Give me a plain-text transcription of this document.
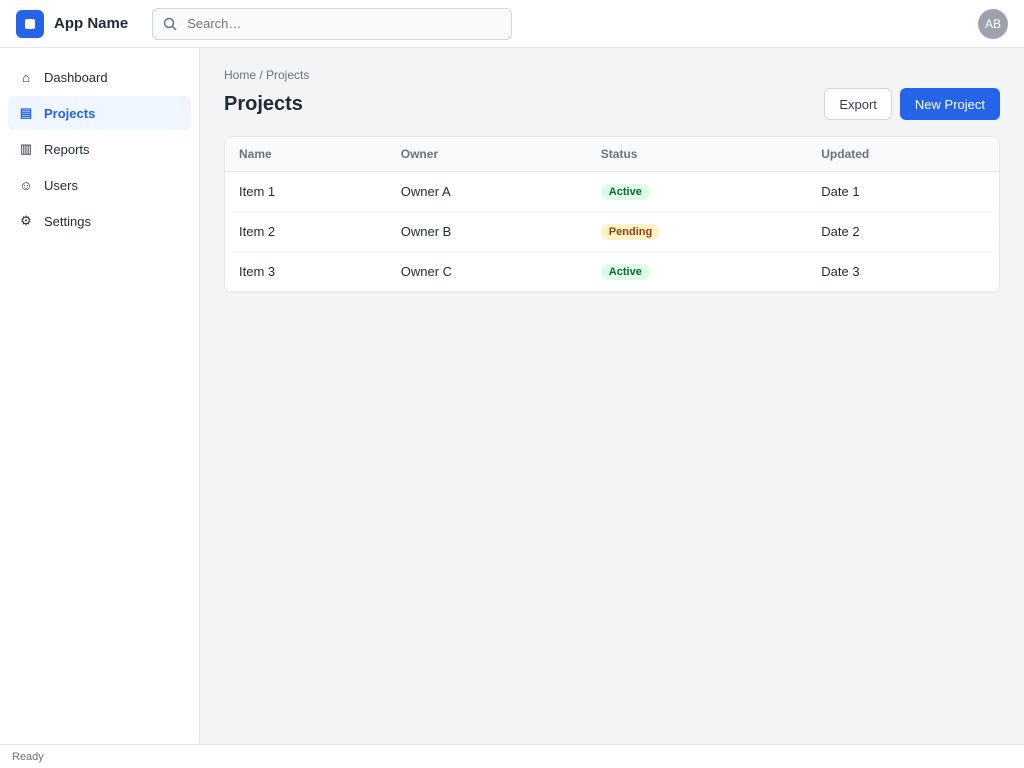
App Name
Search…	AB
⌂	Dashboard
▤ Projects
▥ Reports
☺ Users
⚙ Settings
Home / Projects
Projects	Export	New Project
Name	Owner	Status	Updated
Item 1	Owner A	Active	Date 1
Item 2	Owner B	Pending	Date 2
Item 3	Owner C	Active	Date 3
Ready
